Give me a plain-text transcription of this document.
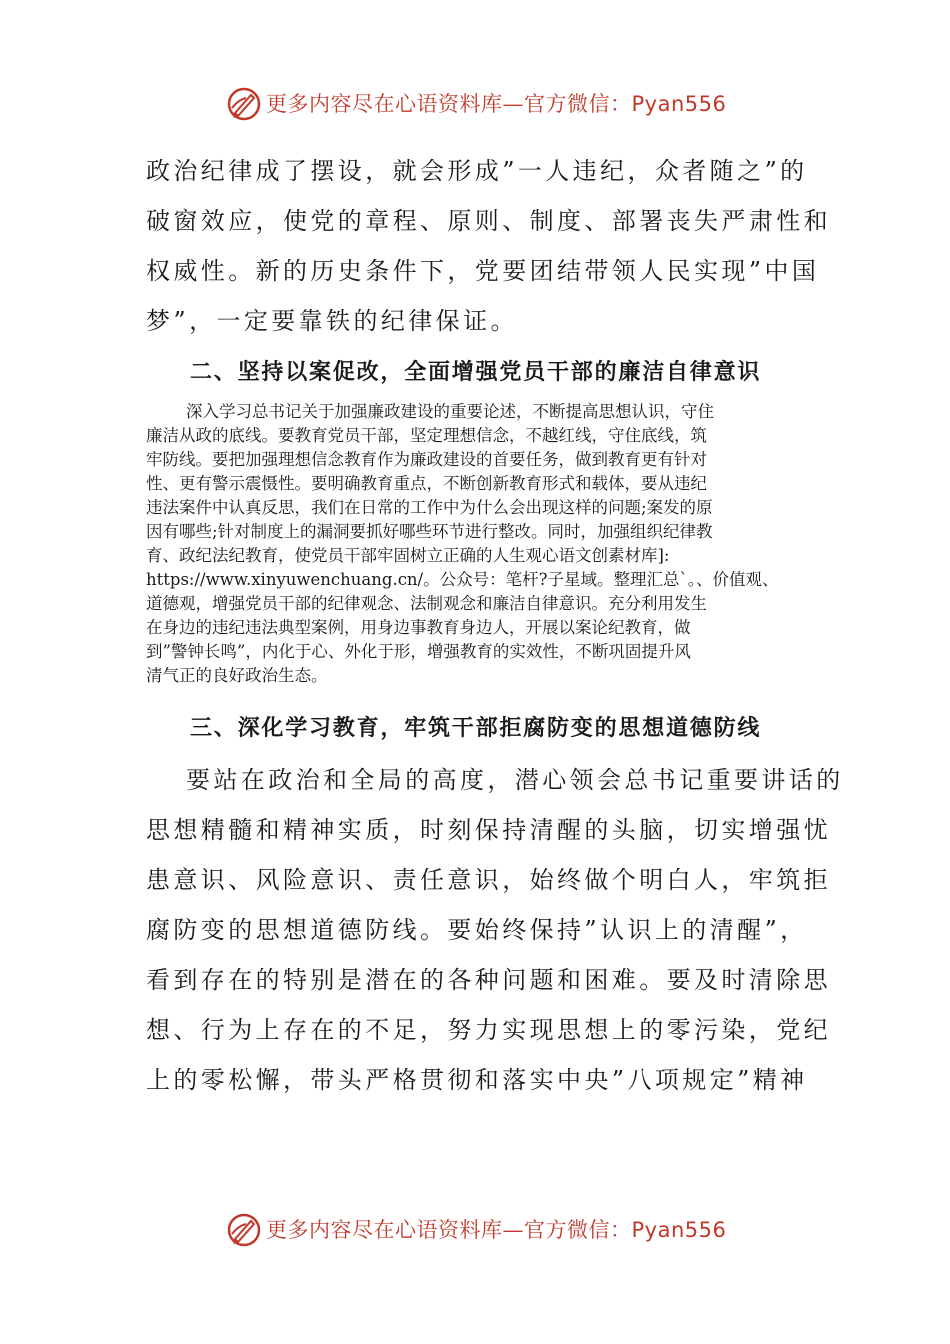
更多内容尽在心语资料库—官方微信：Pyan556
政治纪律成了摆设，就会形成”一人违纪，众者随之”的
破窗效应，使党的章程、原则、制度、部署丧失严肃性和
权威性。新的历史条件下，党要团结带领人民实现”中国
梦”，一定要靠铁的纪律保证。
二、坚持以案促改，全面增强党员干部的廉洁自律意识
深入学习总书记关于加强廉政建设的重要论述，不断提高思想认识，守住
廉洁从政的底线。要教育党员干部，坚定理想信念，不越红线，守住底线，筑
牢防线。要把加强理想信念教育作为廉政建设的首要任务，做到教育更有针对
性、更有警示震慑性。要明确教育重点，不断创新教育形式和载体，要从违纪
违法案件中认真反思，我们在日常的工作中为什么会出现这样的问题;案发的原
因有哪些;针对制度上的漏洞要抓好哪些环节进行整改。同时，加强组织纪律教
育、政纪法纪教育，使党员干部牢固树立正确的人生观心语文创素材库]:
https://www.xinyuwenchuang.cn/。公众号：笔杆?子星域。整理汇总`。、价值观、
道德观，增强党员干部的纪律观念、法制观念和廉洁自律意识。充分利用发生
在身边的违纪违法典型案例，用身边事教育身边人，开展以案论纪教育，做
到”警钟长鸣”，内化于心、外化于形，增强教育的实效性，不断巩固提升风
清气正的良好政治生态。
三、深化学习教育，牢筑干部拒腐防变的思想道德防线
要站在政治和全局的高度，潜心领会总书记重要讲话的
思想精髓和精神实质，时刻保持清醒的头脑，切实增强忧
患意识、风险意识、责任意识，始终做个明白人，牢筑拒
腐防变的思想道德防线。要始终保持”认识上的清醒”，
看到存在的特别是潜在的各种问题和困难。要及时清除思
想、行为上存在的不足，努力实现思想上的零污染，党纪
上的零松懈，带头严格贯彻和落实中央”八项规定”精神
更多内容尽在心语资料库—官方微信：Pyan556
